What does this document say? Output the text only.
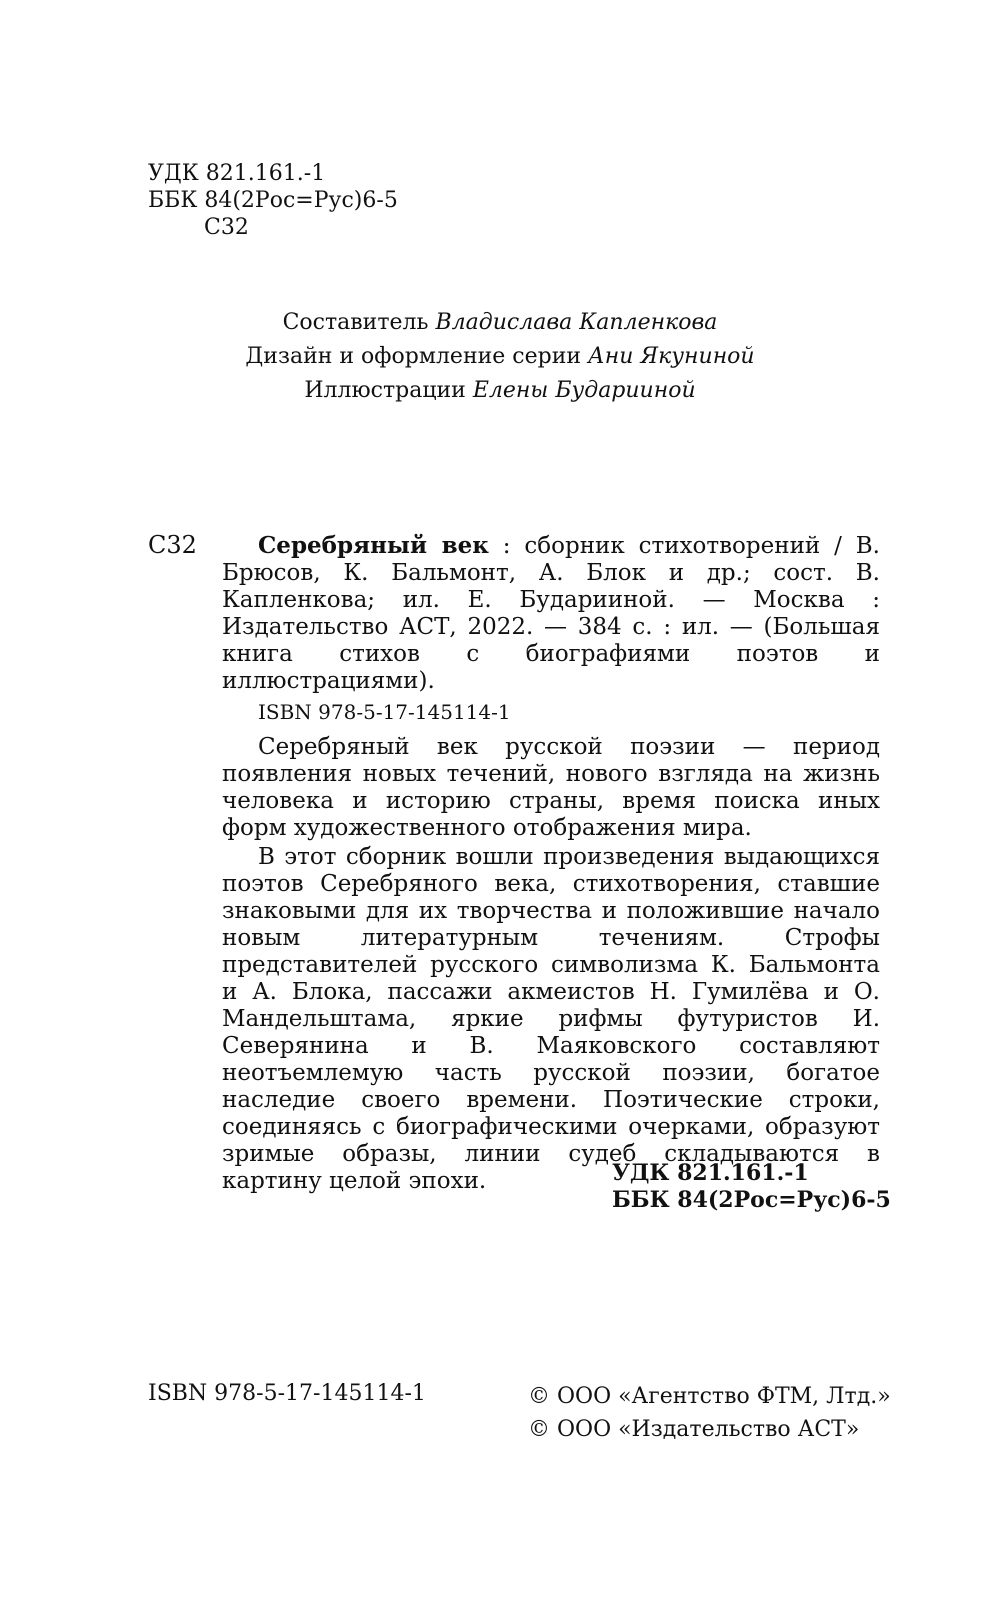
УДК 821.161.-1
ББК 84(2Рос=Рус)6-5
С32
Составитель Владислава Капленкова
Дизайн и оформление серии Ани Якуниной
Иллюстрации Елены Бударииной
С32	Серебряный век : сборник стихотворений / В. Брюсов, К. Бальмонт, А. Блок и др.; сост. В. Капленкова; ил. Е. Бударииной. — Москва : Издательство АСТ, 2022. — 384 с. : ил. — (Большая книга стихов с биографиями поэтов и иллюстрациями).

ISBN 978-5-17-145114-1

Серебряный век русской поэзии — период появления новых течений, нового взгляда на жизнь человека и историю страны, время поиска иных форм художественного отображения мира.

В этот сборник вошли произведения выдающихся поэтов Серебряного века, стихотворения, ставшие знаковыми для их творчества и положившие начало новым литературным течениям. Строфы представителей русского символизма К. Бальмонта и А. Блока, пассажи акмеистов Н. Гумилёва и О. Мандельштама, яркие рифмы футуристов И. Северянина и В. Маяковского составляют неотъемлемую часть русской поэзии, богатое наследие своего времени. Поэтические строки, соединяясь с биографическими очерками, образуют зримые образы, линии судеб складываются в картину целой эпохи.	УДК 821.161.-1
ББК 84(2Рос=Рус)6-5
ISBN 978-5-17-145114-1	© ООО «Агентство ФТМ, Лтд.»
© ООО «Издательство АСТ»
